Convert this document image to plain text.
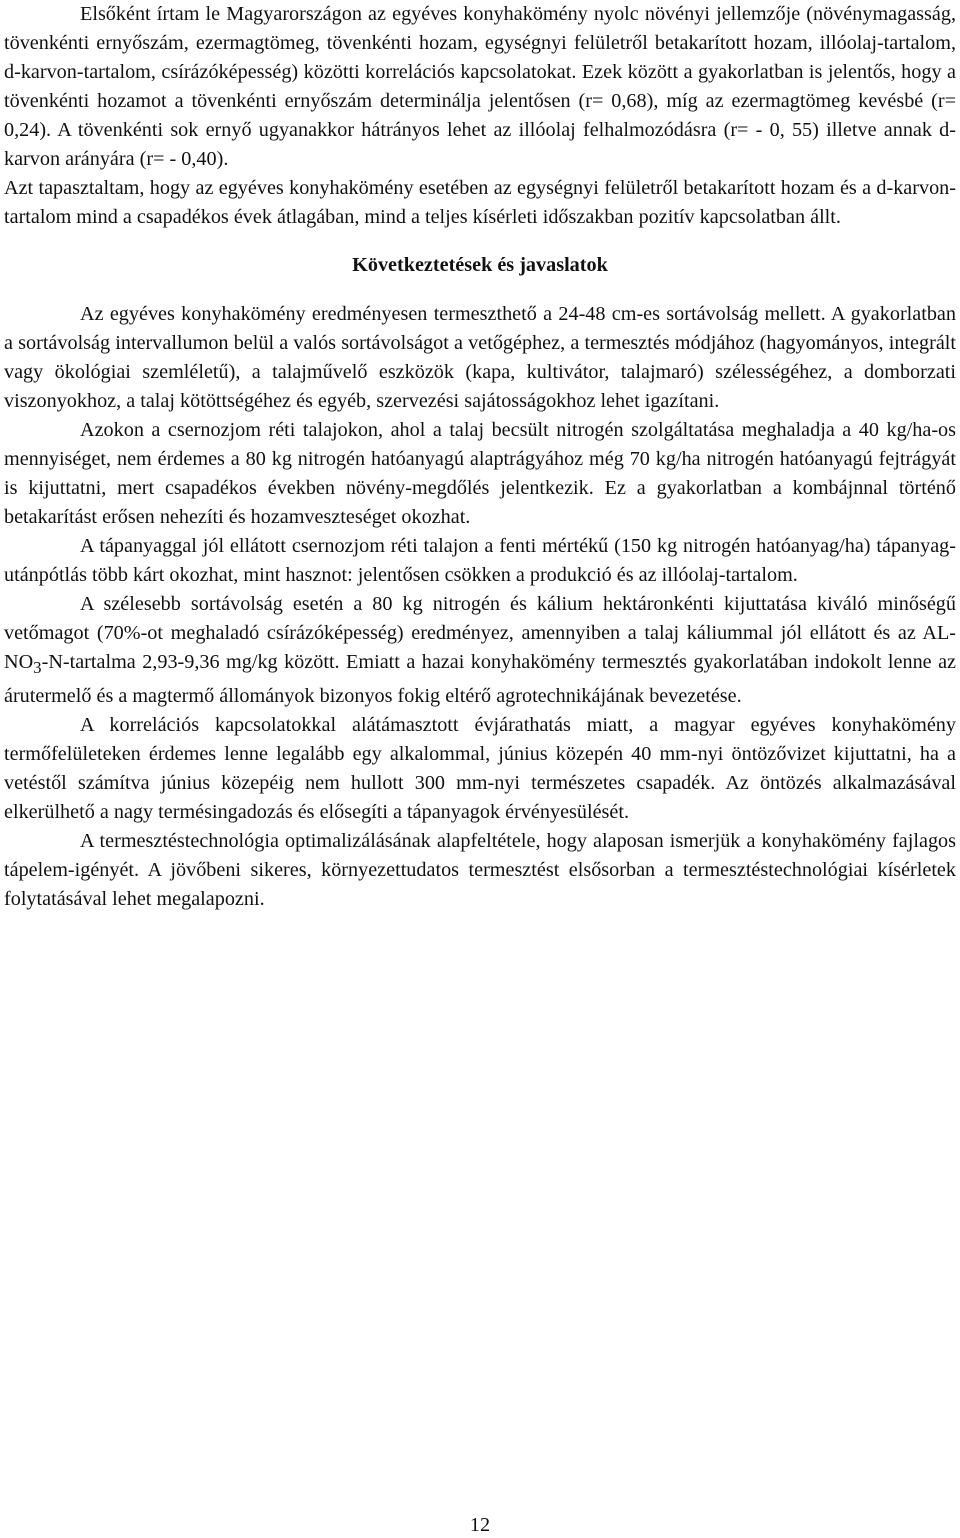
Elsőként írtam le Magyarországon az egyéves konyhakömény nyolc növényi jellemzője (növénymagasság, tövenkénti ernyőszám, ezermagtömeg, tövenkénti hozam, egységnyi felületről betakarított hozam, illóolaj-tartalom, d-karvon-tartalom, csírázóképesség) közötti korrelációs kapcsolatokat. Ezek között a gyakorlatban is jelentős, hogy a tövenkénti hozamot a tövenkénti ernyőszám determinálja jelentősen (r= 0,68), míg az ezermagtömeg kevésbé (r= 0,24). A tövenkénti sok ernyő ugyanakkor hátrányos lehet az illóolaj felhalmozódásra (r= - 0, 55) illetve annak d-karvon arányára (r= - 0,40).

Azt tapasztaltam, hogy az egyéves konyhakömény esetében az egységnyi felületről betakarított hozam és a d-karvon-tartalom mind a csapadékos évek átlagában, mind a teljes kísérleti időszakban pozitív kapcsolatban állt.

Következtetések és javaslatok

Az egyéves konyhakömény eredményesen termeszthető a 24-48 cm-es sortávolság mellett. A gyakorlatban a sortávolság intervallumon belül a valós sortávolságot a vetőgéphez, a termesztés módjához (hagyományos, integrált vagy ökológiai szemléletű), a talajművelő eszközök (kapa, kultivátor, talajmaró) szélességéhez, a domborzati viszonyokhoz, a talaj kötöttségéhez és egyéb, szervezési sajátosságokhoz lehet igazítani.

Azokon a csernozjom réti talajokon, ahol a talaj becsült nitrogén szolgáltatása meghaladja a 40 kg/ha-os mennyiséget, nem érdemes a 80 kg nitrogén hatóanyagú alaptrágyához még 70 kg/ha nitrogén hatóanyagú fejtrágyát is kijuttatni, mert csapadékos években növény-megdőlés jelentkezik. Ez a gyakorlatban a kombájnnal történő betakarítást erősen nehezíti és hozamveszteséget okozhat.

A tápanyaggal jól ellátott csernozjom réti talajon a fenti mértékű (150 kg nitrogén hatóanyag/ha) tápanyag-utánpótlás több kárt okozhat, mint hasznot: jelentősen csökken a produkció és az illóolaj-tartalom.

A szélesebb sortávolság esetén a 80 kg nitrogén és kálium hektáronkénti kijuttatása kiváló minőségű vetőmagot (70%-ot meghaladó csírázóképesség) eredményez, amennyiben a talaj káliummal jól ellátott és az $AL-NO_3-N$-tartalma 2,93-9,36 mg/kg között. Emiatt a hazai konyhakömény termesztés gyakorlatában indokolt lenne az árutermelő és a magtermő állományok bizonyos fokig eltérő agrotechnikájának bevezetése.

A korrelációs kapcsolatokkal alátámasztott évjárathatás miatt, a magyar egyéves konyhakömény termőfelületeken érdemes lenne legalább egy alkalommal, június közepén 40 mm-nyi öntözővizet kijuttatni, ha a vetéstől számítva június közepéig nem hullott 300 mm-nyi természetes csapadék. Az öntözés alkalmazásával elkerülhető a nagy termésingadozás és elősegíti a tápanyagok érvényesülését.

A termesztéstechnológia optimalizálásának alapfeltétele, hogy alaposan ismerjük a konyhakömény fajlagos tápelem-igényét. A jövőbeni sikeres, környezettudatos termesztést elsősorban a termesztéstechnológiai kísérletek folytatásával lehet megalapozni.

12
